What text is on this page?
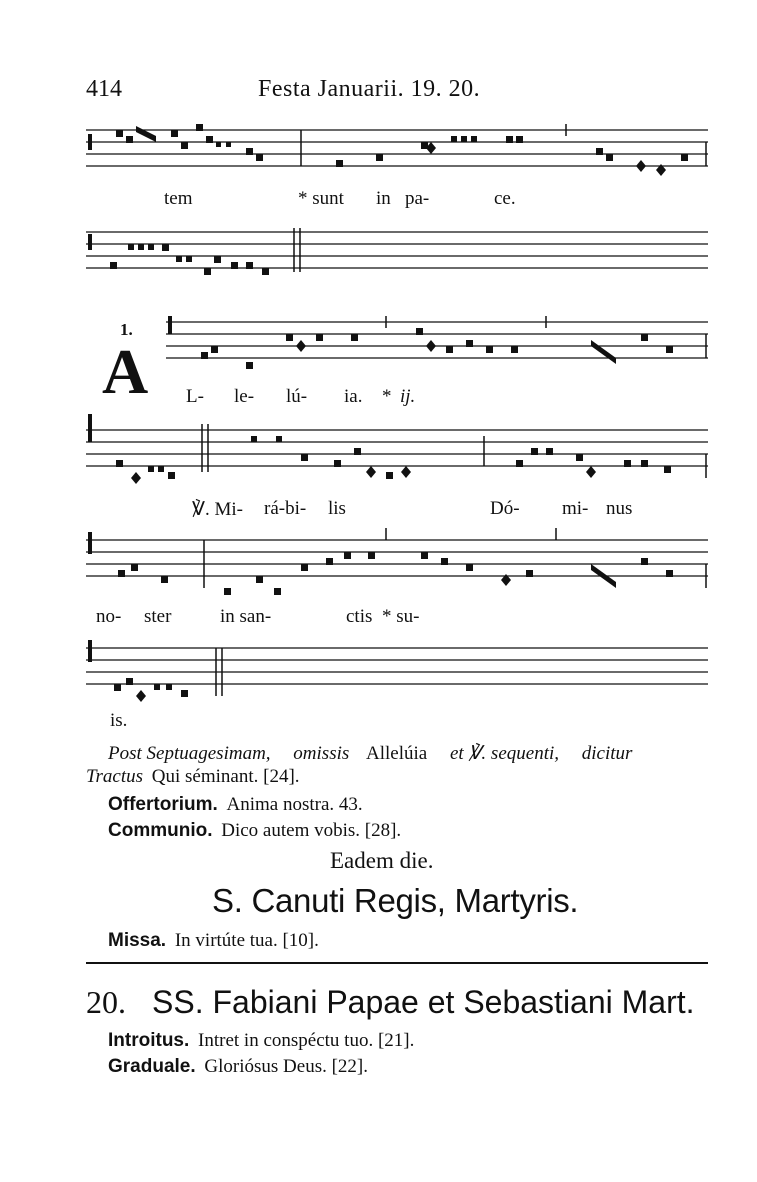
414	Festa Januarii. 19. 20.
tem	* sunt in pa-	ce.
1.
A L- le- lú- ia. * ij.
℣. Mi- rá-bi- lis	Dó- mi- nus
no- ster	in san-	ctis * su-
is.
Post Septuagesimam, omissis Allelúia et ℣. sequenti, dicitur
Tractus Qui séminant. [24].
Offertorium. Anima nostra. 43.
Communio. Dico autem vobis. [28].
Eadem die.
S. Canuti Regis, Martyris.
Missa. In virtúte tua. [10].
20. SS. Fabiani Papae et Sebastiani Mart.
Introitus. Intret in conspéctu tuo. [21].
Graduale. Gloriósus Deus. [22].
